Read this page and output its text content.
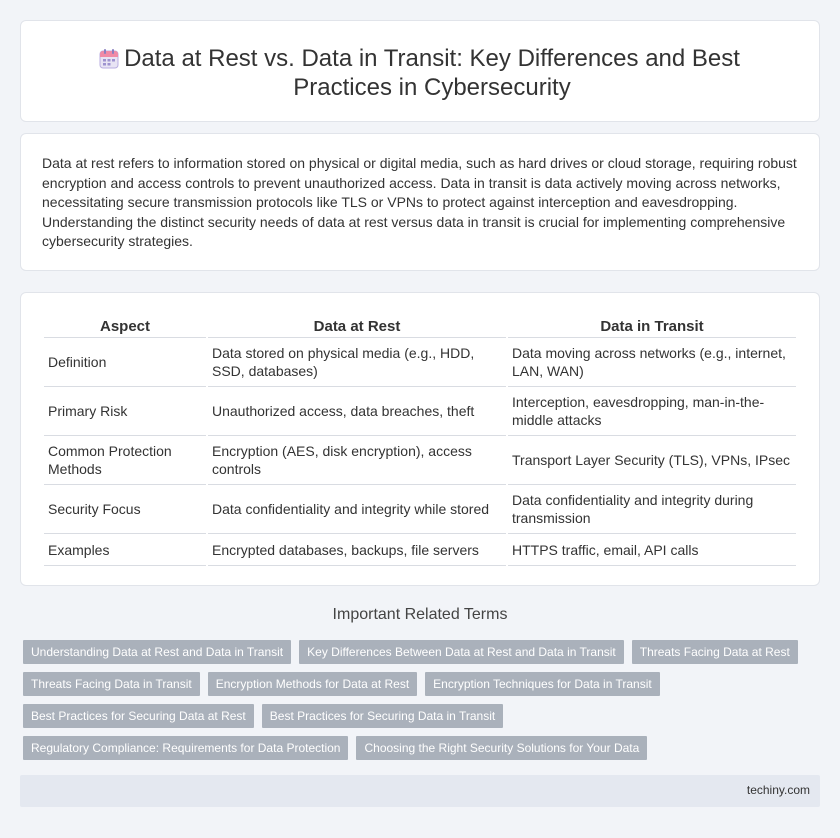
Data at Rest vs. Data in Transit: Key Differences and Best Practices in Cybersecurity

Data at rest refers to information stored on physical or digital media, such as hard drives or cloud storage, requiring robust encryption and access controls to prevent unauthorized access. Data in transit is data actively moving across networks, necessitating secure transmission protocols like TLS or VPNs to protect against interception and eavesdropping. Understanding the distinct security needs of data at rest versus data in transit is crucial for implementing comprehensive cybersecurity strategies.

Aspect	Data at Rest	Data in Transit
Definition	Data stored on physical media (e.g., HDD, SSD, databases)	Data moving across networks (e.g., internet, LAN, WAN)
Primary Risk	Unauthorized access, data breaches, theft	Interception, eavesdropping, man-in-the-middle attacks
Common Protection Methods	Encryption (AES, disk encryption), access controls	Transport Layer Security (TLS), VPNs, IPsec
Security Focus	Data confidentiality and integrity while stored	Data confidentiality and integrity during transmission
Examples	Encrypted databases, backups, file servers	HTTPS traffic, email, API calls
Important Related Terms
Understanding Data at Rest and Data in Transit	Key Differences Between Data at Rest and Data in Transit	Threats Facing Data at Rest
Threats Facing Data in Transit	Encryption Methods for Data at Rest	Encryption Techniques for Data in Transit
Best Practices for Securing Data at Rest	Best Practices for Securing Data in Transit
Regulatory Compliance: Requirements for Data Protection	Choosing the Right Security Solutions for Your Data
techiny.com
